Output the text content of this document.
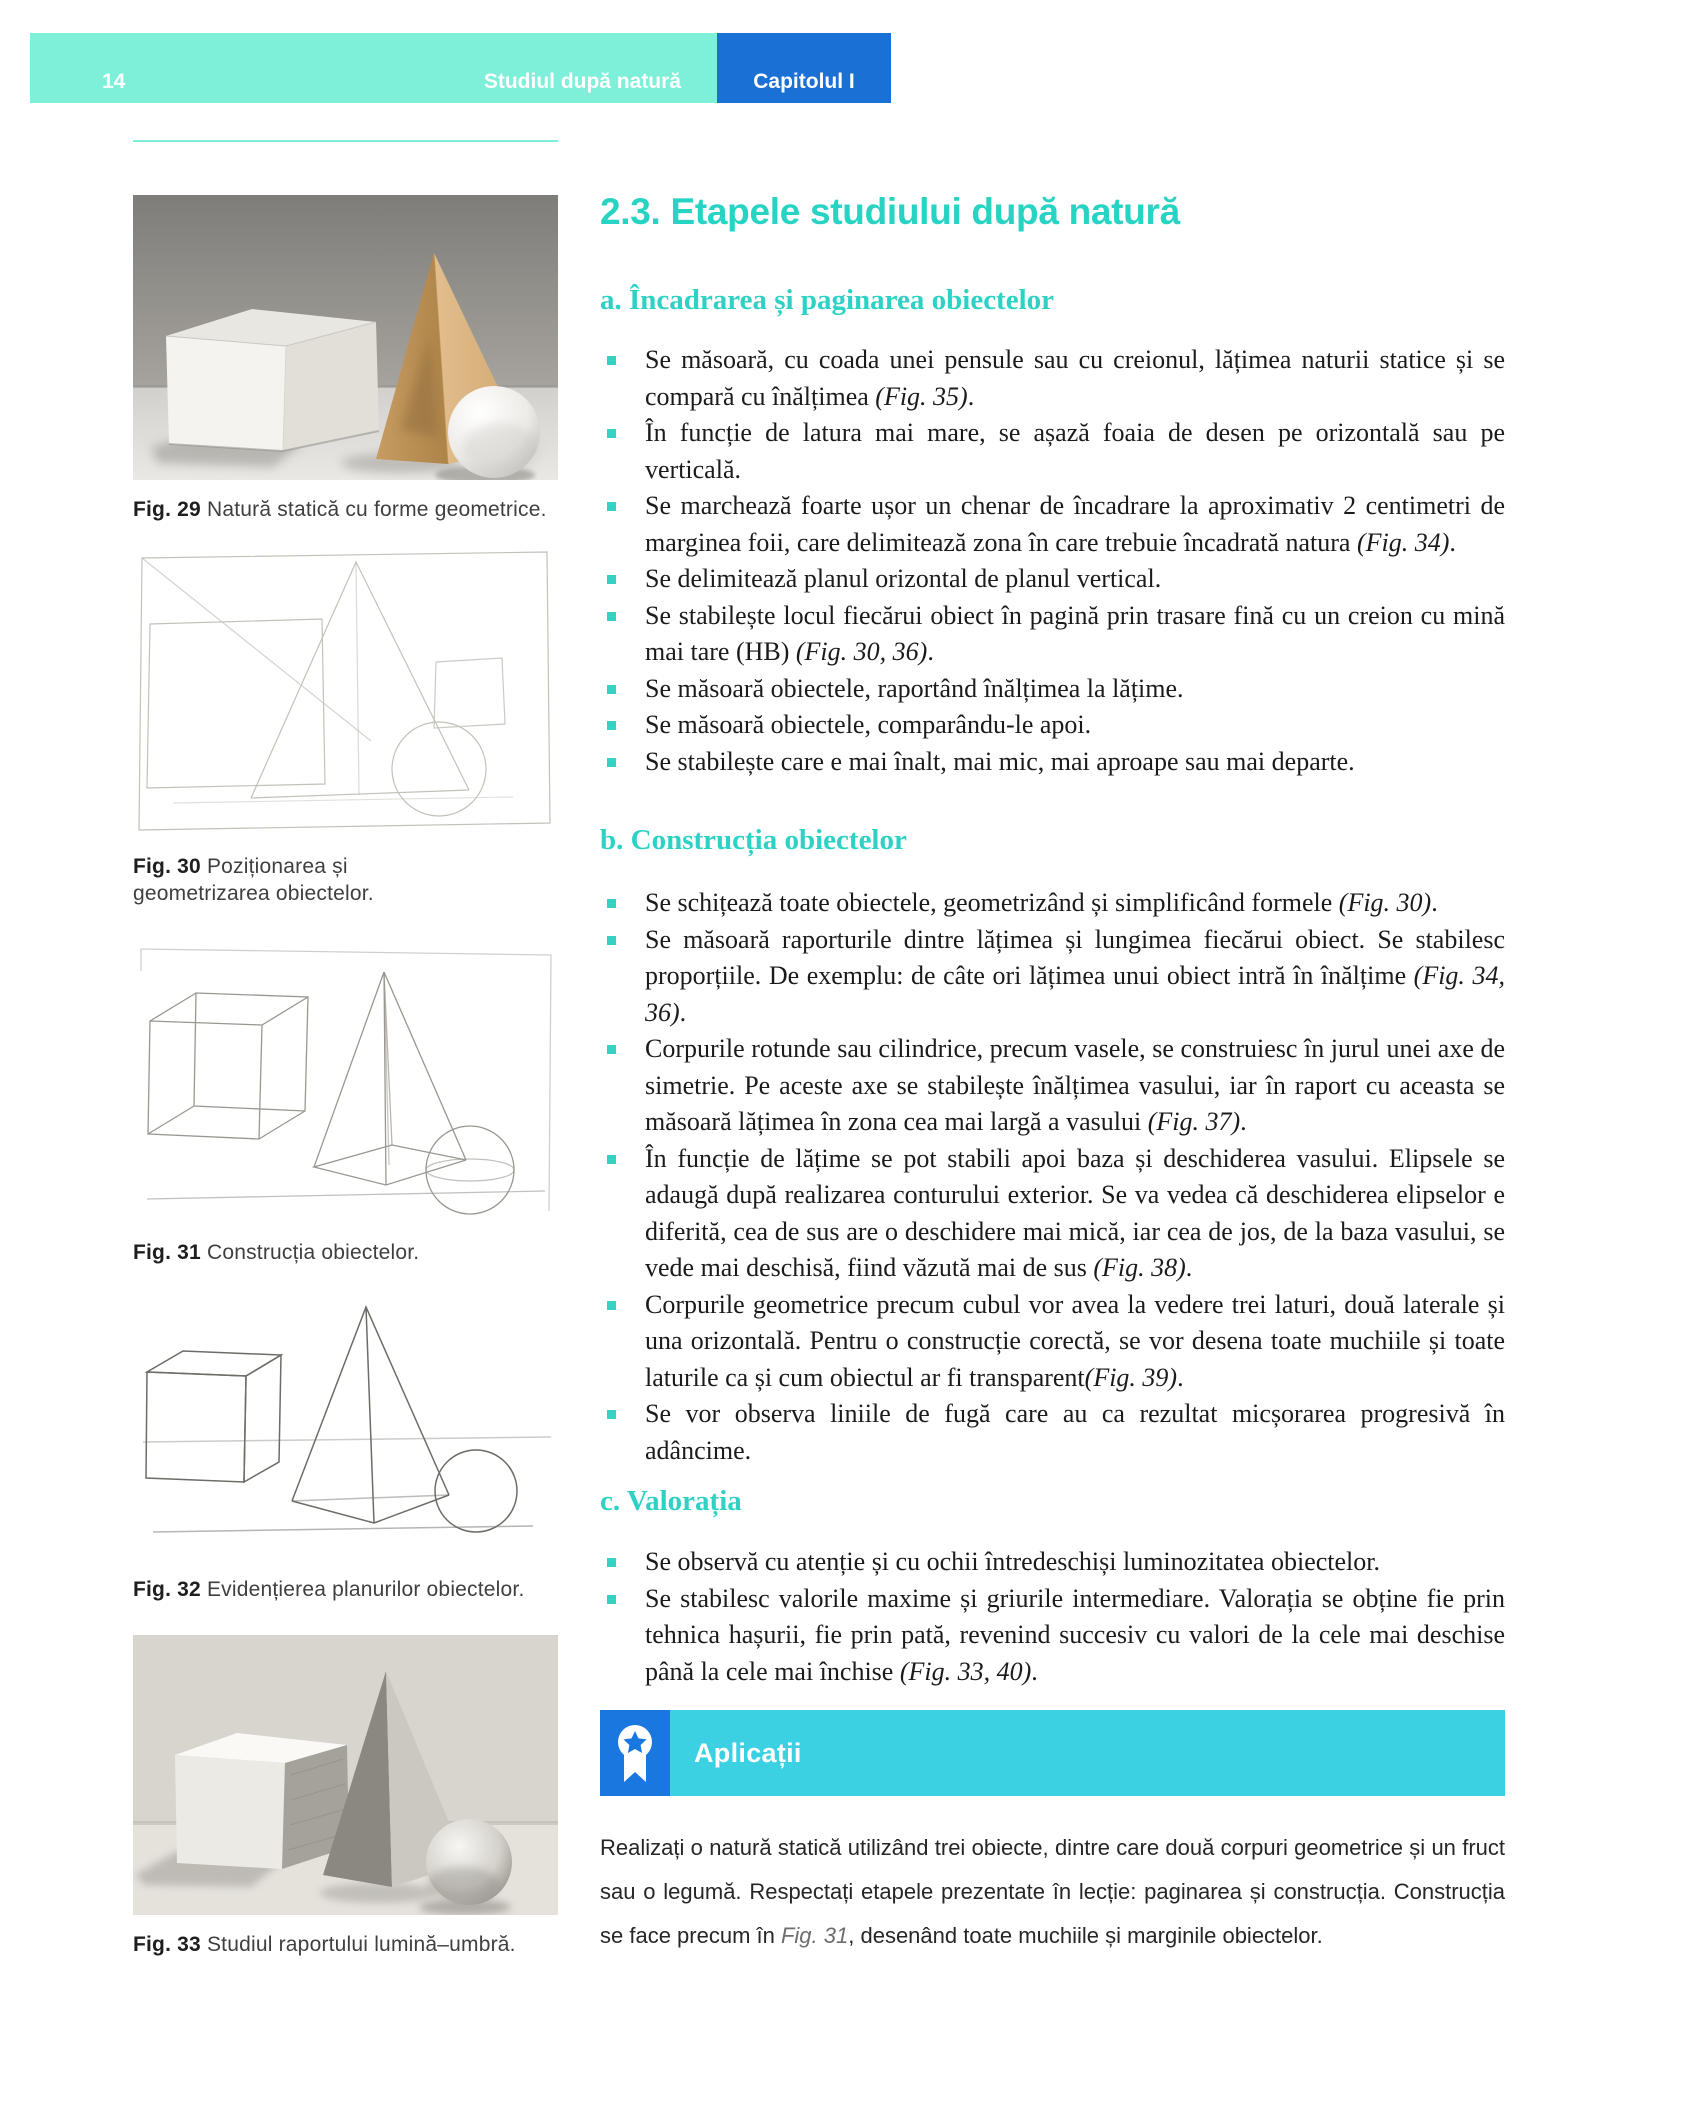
14	Studiul după natură	Capitolul I
Fig. 29 Natură statică cu forme geometrice.
Fig. 30 Poziționarea și geometrizarea obiectelor.
Fig. 31 Construcția obiectelor.
Fig. 32 Evidențierea planurilor obiectelor.
Fig. 33 Studiul raportului lumină–umbră.
2.3. Etapele studiului după natură
a. Încadrarea și paginarea obiectelor
Se măsoară, cu coada unei pensule sau cu creionul, lățimea naturii statice și se compară cu înălțimea (Fig. 35).
În funcție de latura mai mare, se așază foaia de desen pe orizontală sau pe verticală.
Se marchează foarte ușor un chenar de încadrare la aproximativ 2 centimetri de marginea foii, care delimitează zona în care trebuie încadrată natura (Fig. 34).
Se delimitează planul orizontal de planul vertical.
Se stabilește locul fiecărui obiect în pagină prin trasare fină cu un creion cu mină mai tare (HB) (Fig. 30, 36).
Se măsoară obiectele, raportând înălțimea la lățime.
Se măsoară obiectele, comparându-le apoi.
Se stabilește care e mai înalt, mai mic, mai aproape sau mai departe.
b. Construcția obiectelor
Se schițează toate obiectele, geometrizând și simplificând formele (Fig. 30).
Se măsoară raporturile dintre lățimea și lungimea fiecărui obiect. Se stabilesc proporțiile. De exemplu: de câte ori lățimea unui obiect intră în înălțime (Fig. 34, 36).
Corpurile rotunde sau cilindrice, precum vasele, se construiesc în jurul unei axe de simetrie. Pe aceste axe se stabilește înălțimea vasului, iar în raport cu aceasta se măsoară lățimea în zona cea mai largă a vasului (Fig. 37).
În funcție de lățime se pot stabili apoi baza și deschiderea vasului. Elipsele se adaugă după realizarea conturului exterior. Se va vedea că deschiderea elipselor e diferită, cea de sus are o deschidere mai mică, iar cea de jos, de la baza vasului, se vede mai deschisă, fiind văzută mai de sus (Fig. 38).
Corpurile geometrice precum cubul vor avea la vedere trei laturi, două laterale și una orizontală. Pentru o construcție corectă, se vor desena toate muchiile și toate laturile ca și cum obiectul ar fi transparent(Fig. 39).
Se vor observa liniile de fugă care au ca rezultat micșorarea progresivă în adâncime.
c. Valorația
Se observă cu atenție și cu ochii întredeschiși luminozitatea obiectelor.
Se stabilesc valorile maxime și griurile intermediare. Valorația se obține fie prin tehnica hașurii, fie prin pată, revenind succesiv cu valori de la cele mai deschise până la cele mai închise (Fig. 33, 40).
Aplicații

Realizați o natură statică utilizând trei obiecte, dintre care două corpuri geometrice și un fruct sau o legumă. Respectați etapele prezentate în lecție: paginarea și construcția. Construcția se face precum în Fig. 31, desenând toate muchiile și marginile obiectelor.
